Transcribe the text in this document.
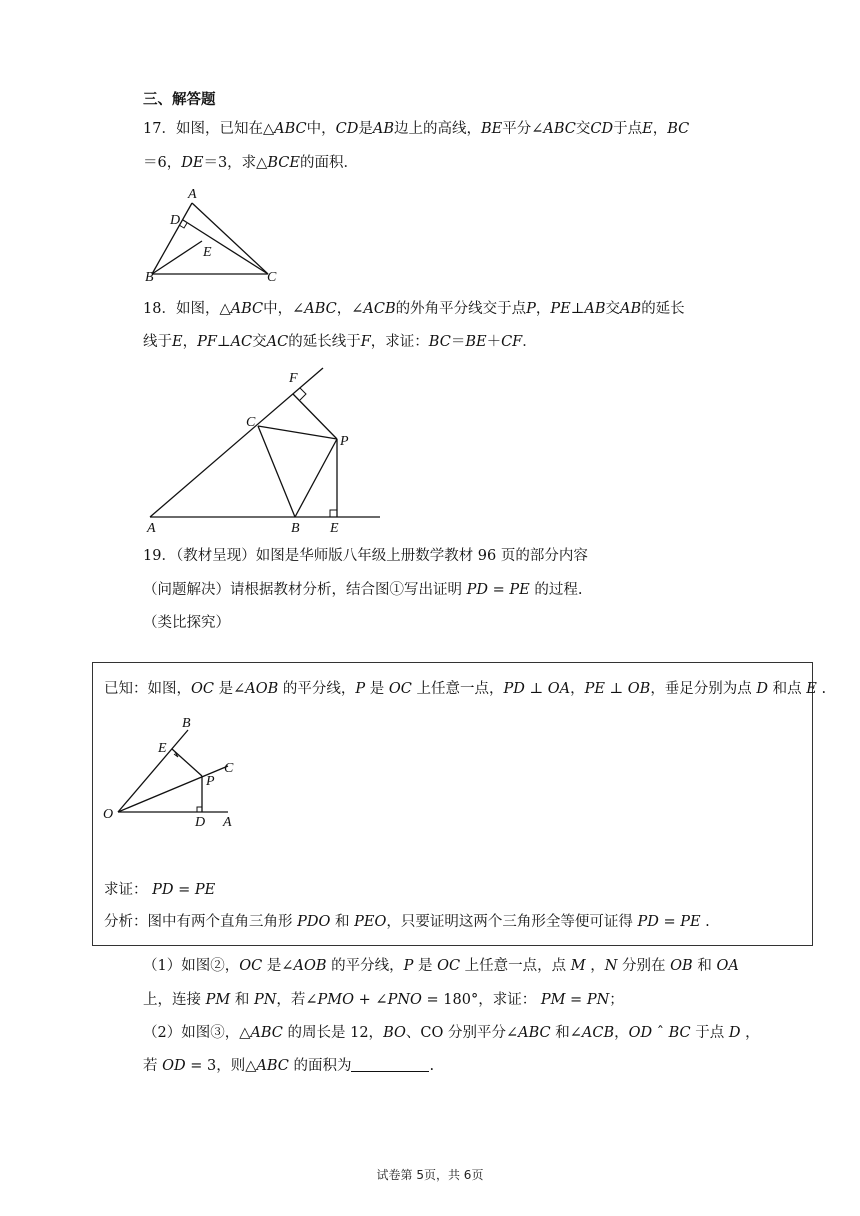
三、解答题
17．如图，已知在△ABC中，CD是AB边上的高线，BE平分∠ABC交CD于点E，BC
＝6，DE＝3，求△BCE的面积．
A
D
E
B	C
18．如图，△ABC中，∠ABC，∠ACB的外角平分线交于点P，PE⊥AB交AB的延长
线于E，PF⊥AC交AC的延长线于F，求证：BC＝BE＋CF．
F
C
P
A	B E
19．（教材呈现）如图是华师版八年级上册数学教材 96 页的部分内容
（问题解决）请根据教材分析，结合图①写出证明 PD = PE 的过程.
（类比探究）
已知：如图，OC 是∠AOB 的平分线，P 是 OC 上任意一点，PD ⊥ OA，PE ⊥ OB，垂足分别为点 D 和点 E .
B
E
C
P
O
D A
求证： PD = PE
分析：图中有两个直角三角形 PDO 和 PEO，只要证明这两个三角形全等便可证得 PD = PE .
（1）如图②，OC 是∠AOB 的平分线，P 是 OC 上任意一点，点 M ，N 分别在 OB 和 OA
上，连接 PM 和 PN，若∠PMO + ∠PNO = 180°，求证： PM = PN；
（2）如图③，△ABC 的周长是 12，BO、CO 分别平分∠ABC 和∠ACB，OD ˆ BC 于点 D ，
若 OD = 3，则△ABC 的面积为	.
试卷第 5页，共 6页
